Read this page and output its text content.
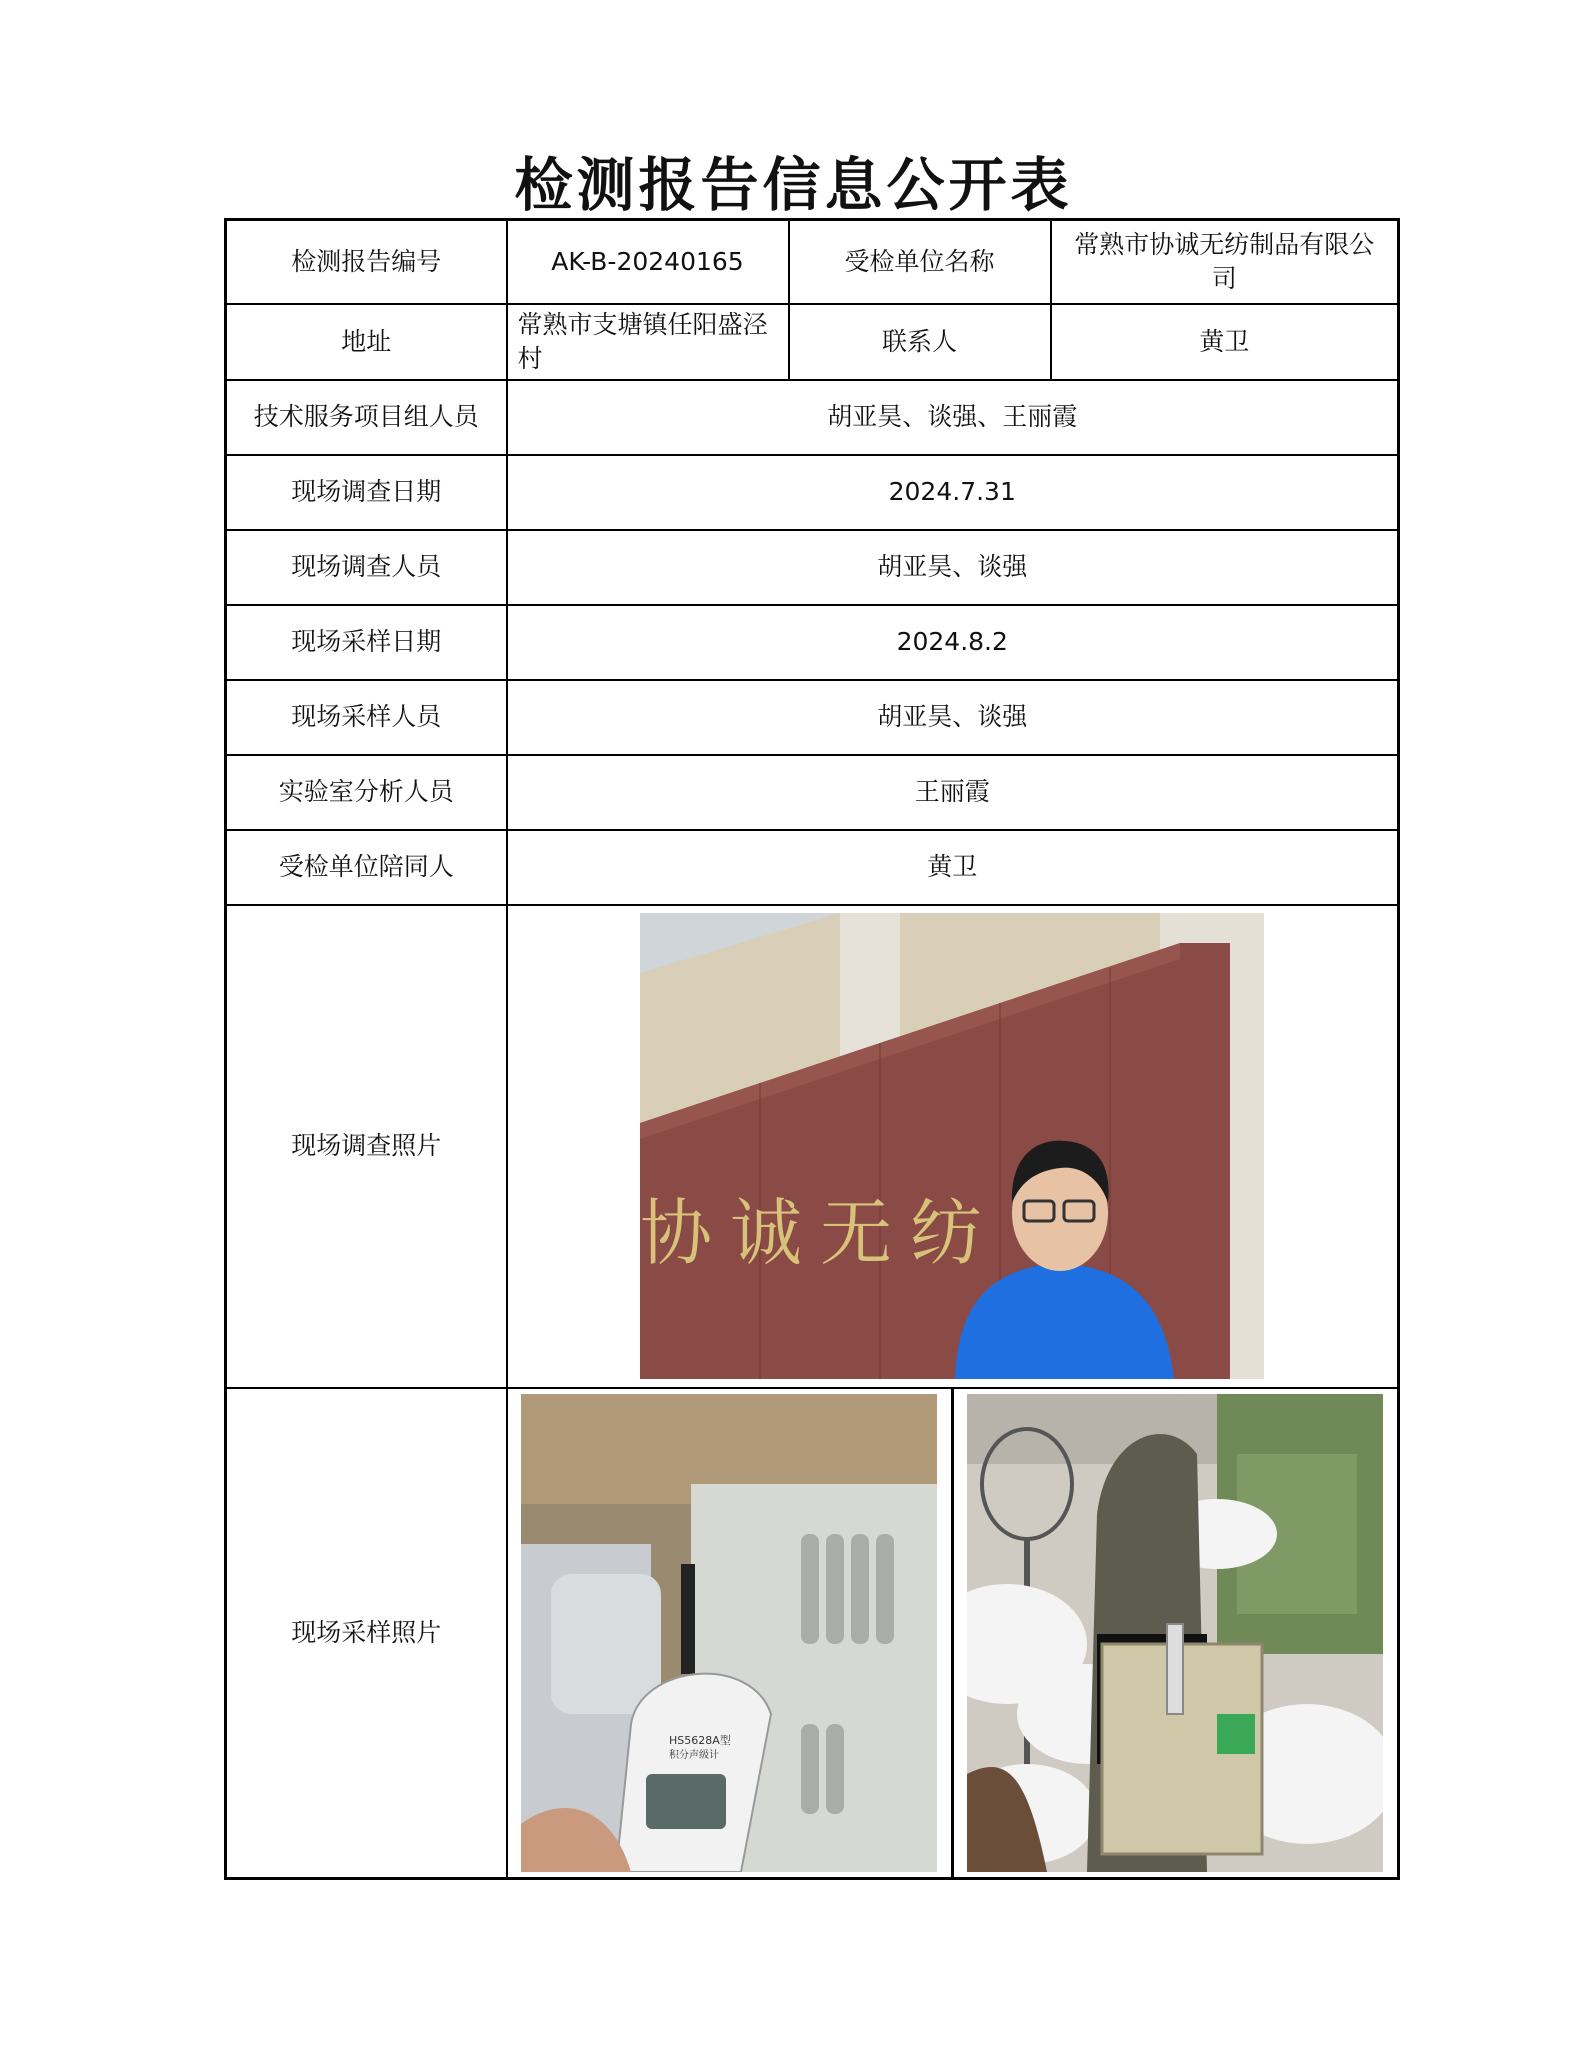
检测报告信息公开表
检测报告编号	AK-B-20240165	受检单位名称	常熟市协诚无纺制品有限公司
地址	常熟市支塘镇任阳盛泾村	联系人	黄卫
技术服务项目组人员	胡亚昊、谈强、王丽霞		
现场调查日期	2024.7.31		
现场调查人员	胡亚昊、谈强		
现场采样日期	2024.8.2		
现场采样人员	胡亚昊、谈强		
实验室分析人员	王丽霞		
受检单位陪同人	黄卫		
现场调查照片	协诚无纺		

现场采样照片	HS5628A型
积分声级计		
